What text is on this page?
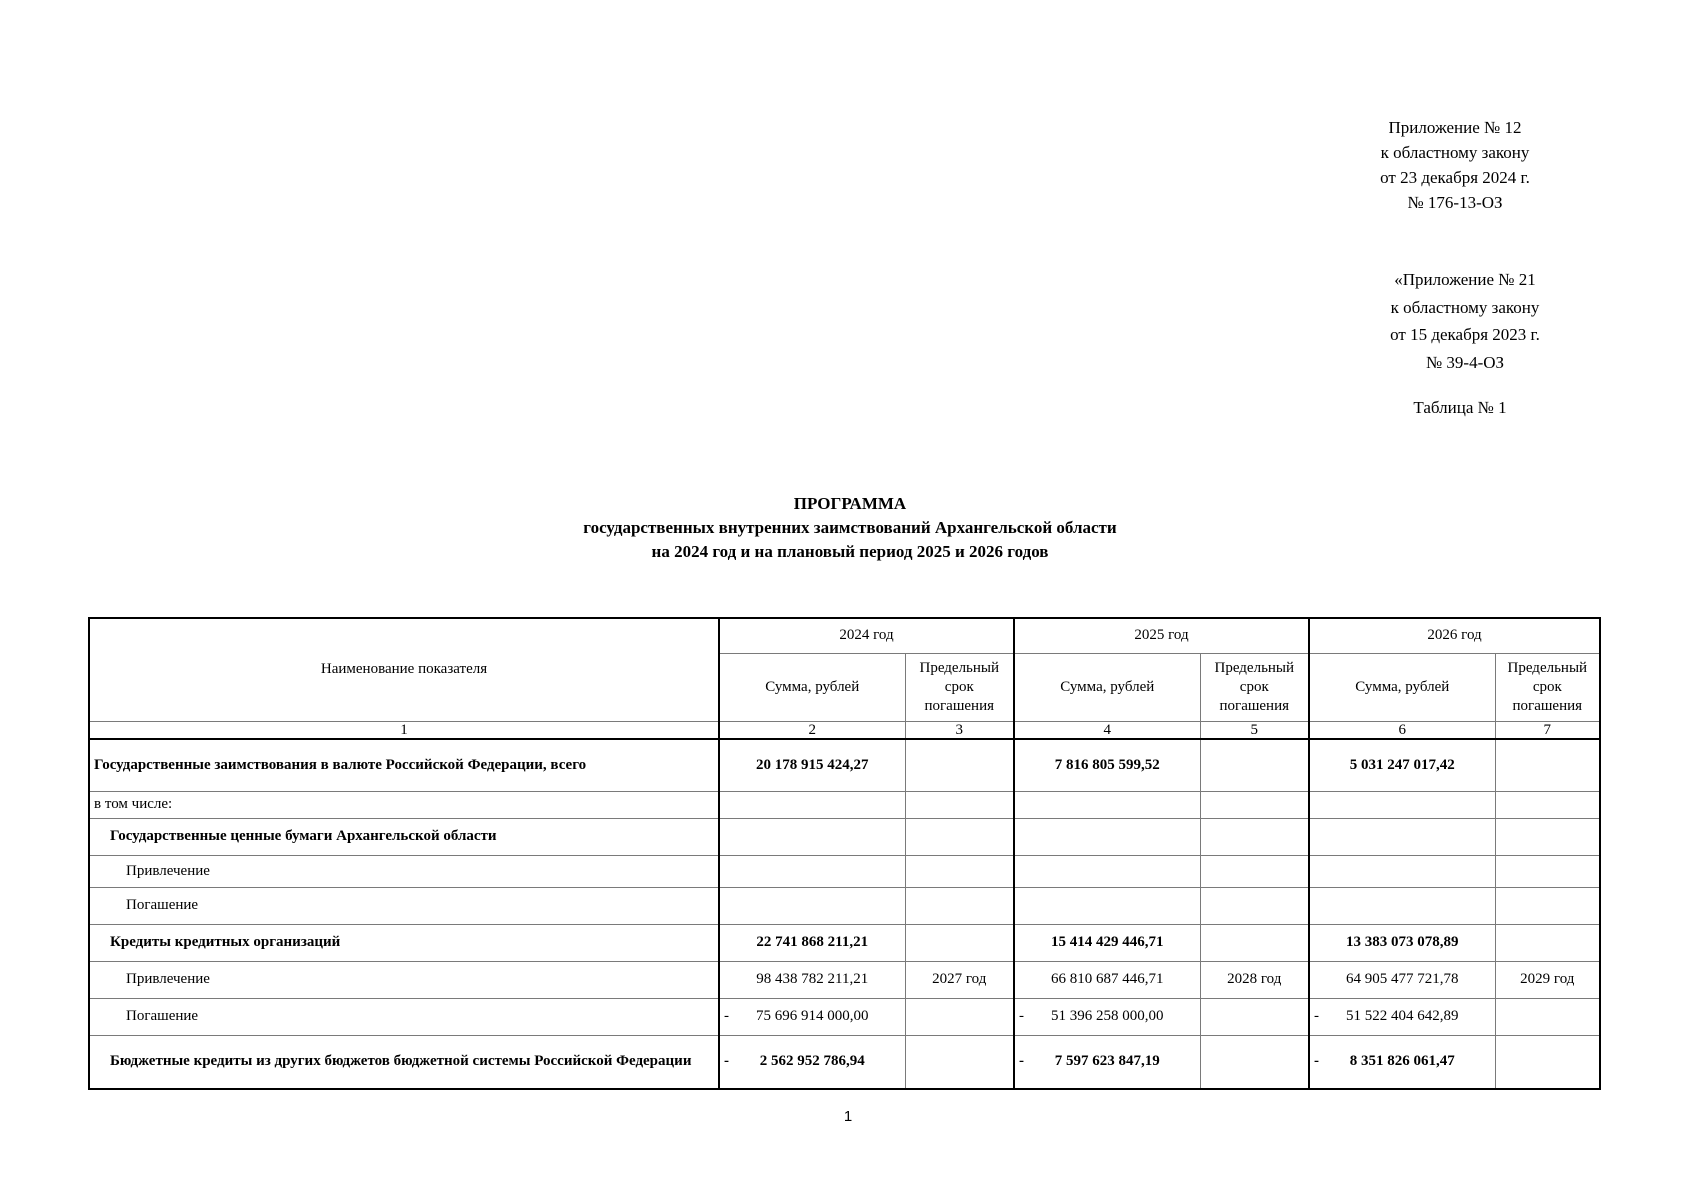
Приложение № 12
к областному закону
от 23 декабря 2024 г.
№ 176-13-ОЗ
«Приложение № 21
к областному закону
от 15 декабря 2023 г.
№ 39-4-ОЗ
Таблица № 1
ПРОГРАММА
государственных внутренних заимствований Архангельской области
на 2024 год и на плановый период 2025 и 2026 годов
Наименование показателя	2024 год		2025 год		2026 год	
	Сумма, рублей	Предельный срок погашения	Сумма, рублей	Предельный срок погашения	Сумма, рублей	Предельный срок погашения
1	2	3	4	5	6	7
Государственные заимствования в валюте Российской Федерации, всего	20 178 915 424,27		7 816 805 599,52		5 031 247 017,42	
в том числе:						
Государственные ценные бумаги Архангельской области						
Привлечение						
Погашение						
Кредиты кредитных организаций	22 741 868 211,21		15 414 429 446,71		13 383 073 078,89	
Привлечение	98 438 782 211,21	2027 год	66 810 687 446,71	2028 год	64 905 477 721,78	2029 год
Погашение	- 75 696 914 000,00		- 51 396 258 000,00		- 51 522 404 642,89	
Бюджетные кредиты из других бюджетов бюджетной системы Российской Федерации	- 2 562 952 786,94		- 7 597 623 847,19		- 8 351 826 061,47	
1
